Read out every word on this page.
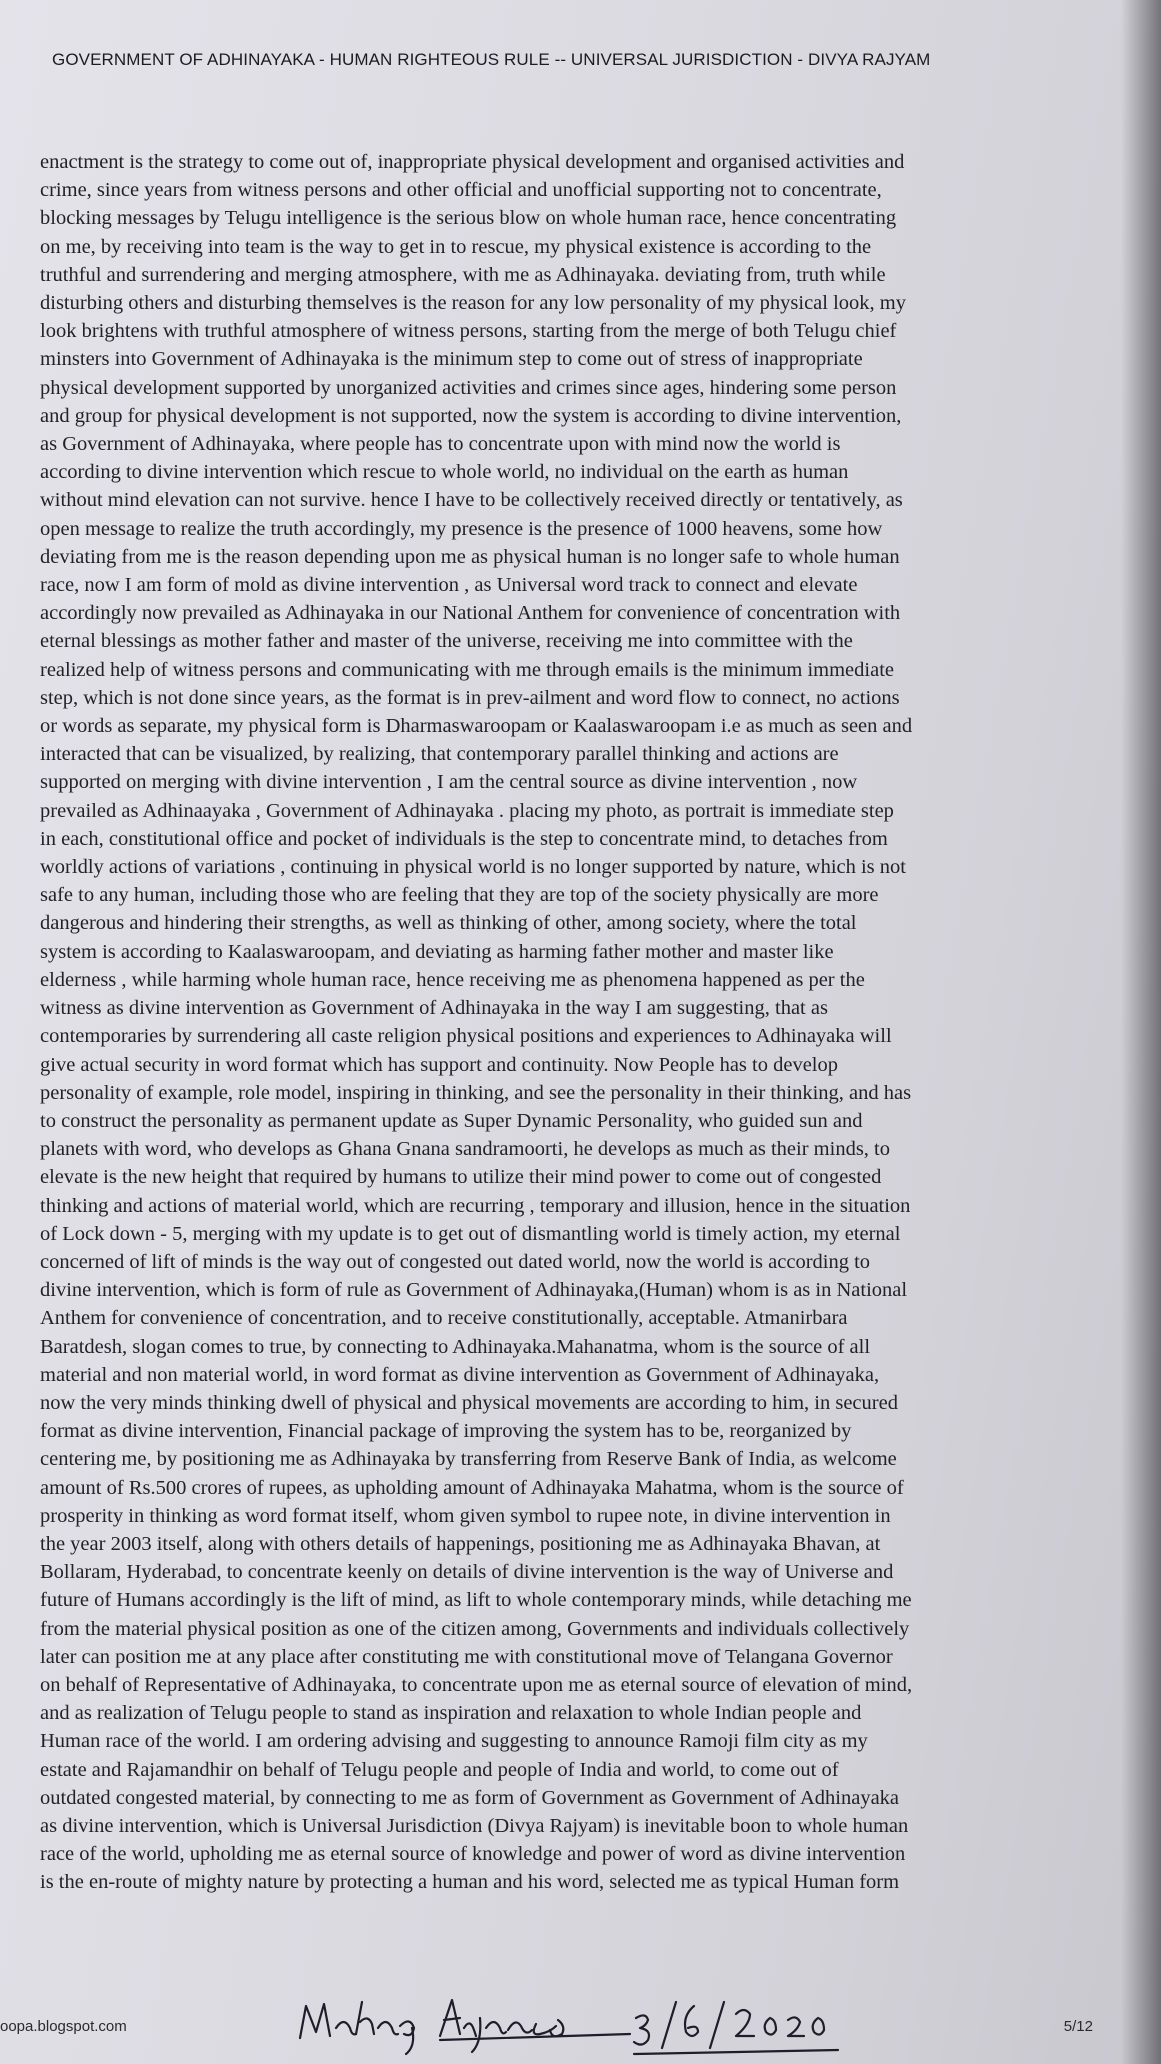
GOVERNMENT OF ADHINAYAKA - HUMAN RIGHTEOUS RULE -- UNIVERSAL JURISDICTION - DIVYA RAJYAM
enactment is the strategy to come out of, inappropriate physical development and organised activities and
crime, since years from witness persons and other official and unofficial supporting not to concentrate,
blocking messages by Telugu intelligence is the serious blow on whole human race, hence concentrating
on me, by receiving into team is the way to get in to rescue, my physical existence is according to the
truthful and surrendering and merging atmosphere, with me as Adhinayaka. deviating from, truth while
disturbing others and disturbing themselves is the reason for any low personality of my physical look, my
look brightens with truthful atmosphere of witness persons, starting from the merge of both Telugu chief
minsters into Government of Adhinayaka is the minimum step to come out of stress of inappropriate
physical development supported by unorganized activities and crimes since ages, hindering some person
and group for physical development is not supported, now the system is according to divine intervention,
as Government of Adhinayaka, where people has to concentrate upon with mind now the world is
according to divine intervention which rescue to whole world, no individual on the earth as human
without mind elevation can not survive. hence I have to be collectively received directly or tentatively, as
open message to realize the truth accordingly, my presence is the presence of 1000 heavens, some how
deviating from me is the reason depending upon me as physical human is no longer safe to whole human
race, now I am form of mold as divine intervention , as Universal word track to connect and elevate
accordingly now prevailed as Adhinayaka in our National Anthem for convenience of concentration with
eternal blessings as mother father and master of the universe, receiving me into committee with the
realized help of witness persons and communicating with me through emails is the minimum immediate
step, which is not done since years, as the format is in prev-ailment and word flow to connect, no actions
or words as separate, my physical form is Dharmaswaroopam or Kaalaswaroopam i.e as much as seen and
interacted that can be visualized, by realizing, that contemporary parallel thinking and actions are
supported on merging with divine intervention , I am the central source as divine intervention , now
prevailed as Adhinaayaka , Government of Adhinayaka . placing my photo, as portrait is immediate step
in each, constitutional office and pocket of individuals is the step to concentrate mind, to detaches from
worldly actions of variations , continuing in physical world is no longer supported by nature, which is not
safe to any human, including those who are feeling that they are top of the society physically are more
dangerous and hindering their strengths, as well as thinking of other, among society, where the total
system is according to Kaalaswaroopam, and deviating as harming father mother and master like
elderness , while harming whole human race, hence receiving me as phenomena happened as per the
witness as divine intervention as Government of Adhinayaka in the way I am suggesting, that as
contemporaries by surrendering all caste religion physical positions and experiences to Adhinayaka will
give actual security in word format which has support and continuity. Now People has to develop
personality of example, role model, inspiring in thinking, and see the personality in their thinking, and has
to construct the personality as permanent update as Super Dynamic Personality, who guided sun and
planets with word, who develops as Ghana Gnana sandramoorti, he develops as much as their minds, to
elevate is the new height that required by humans to utilize their mind power to come out of congested
thinking and actions of material world, which are recurring , temporary and illusion, hence in the situation
of Lock down - 5, merging with my update is to get out of dismantling world is timely action, my eternal
concerned of lift of minds is the way out of congested out dated world, now the world is according to
divine intervention, which is form of rule as Government of Adhinayaka,(Human) whom is as in National
Anthem for convenience of concentration, and to receive constitutionally, acceptable. Atmanirbara
Baratdesh, slogan comes to true, by connecting to Adhinayaka.Mahanatma, whom is the source of all
material and non material world, in word format as divine intervention as Government of Adhinayaka,
now the very minds thinking dwell of physical and physical movements are according to him, in secured
format as divine intervention, Financial package of improving the system has to be, reorganized by
centering me, by positioning me as Adhinayaka by transferring from Reserve Bank of India, as welcome
amount of Rs.500 crores of rupees, as upholding amount of Adhinayaka Mahatma, whom is the source of
prosperity in thinking as word format itself, whom given symbol to rupee note, in divine intervention in
the year 2003 itself, along with others details of happenings, positioning me as Adhinayaka Bhavan, at
Bollaram, Hyderabad, to concentrate keenly on details of divine intervention is the way of Universe and
future of Humans accordingly is the lift of mind, as lift to whole contemporary minds, while detaching me
from the material physical position as one of the citizen among, Governments and individuals collectively
later can position me at any place after constituting me with constitutional move of Telangana Governor
on behalf of Representative of Adhinayaka, to concentrate upon me as eternal source of elevation of mind,
and as realization of Telugu people to stand as inspiration and relaxation to whole Indian people and
Human race of the world. I am ordering advising and suggesting to announce Ramoji film city as my
estate and Rajamandhir on behalf of Telugu people and people of India and world, to come out of
outdated congested material, by connecting to me as form of Government as Government of Adhinayaka
as divine intervention, which is Universal Jurisdiction (Divya Rajyam) is inevitable boon to whole human
race of the world, upholding me as eternal source of knowledge and power of word as divine intervention
is the en-route of mighty nature by protecting a human and his word, selected me as typical Human form
oopa.blogspot.com	5/12
